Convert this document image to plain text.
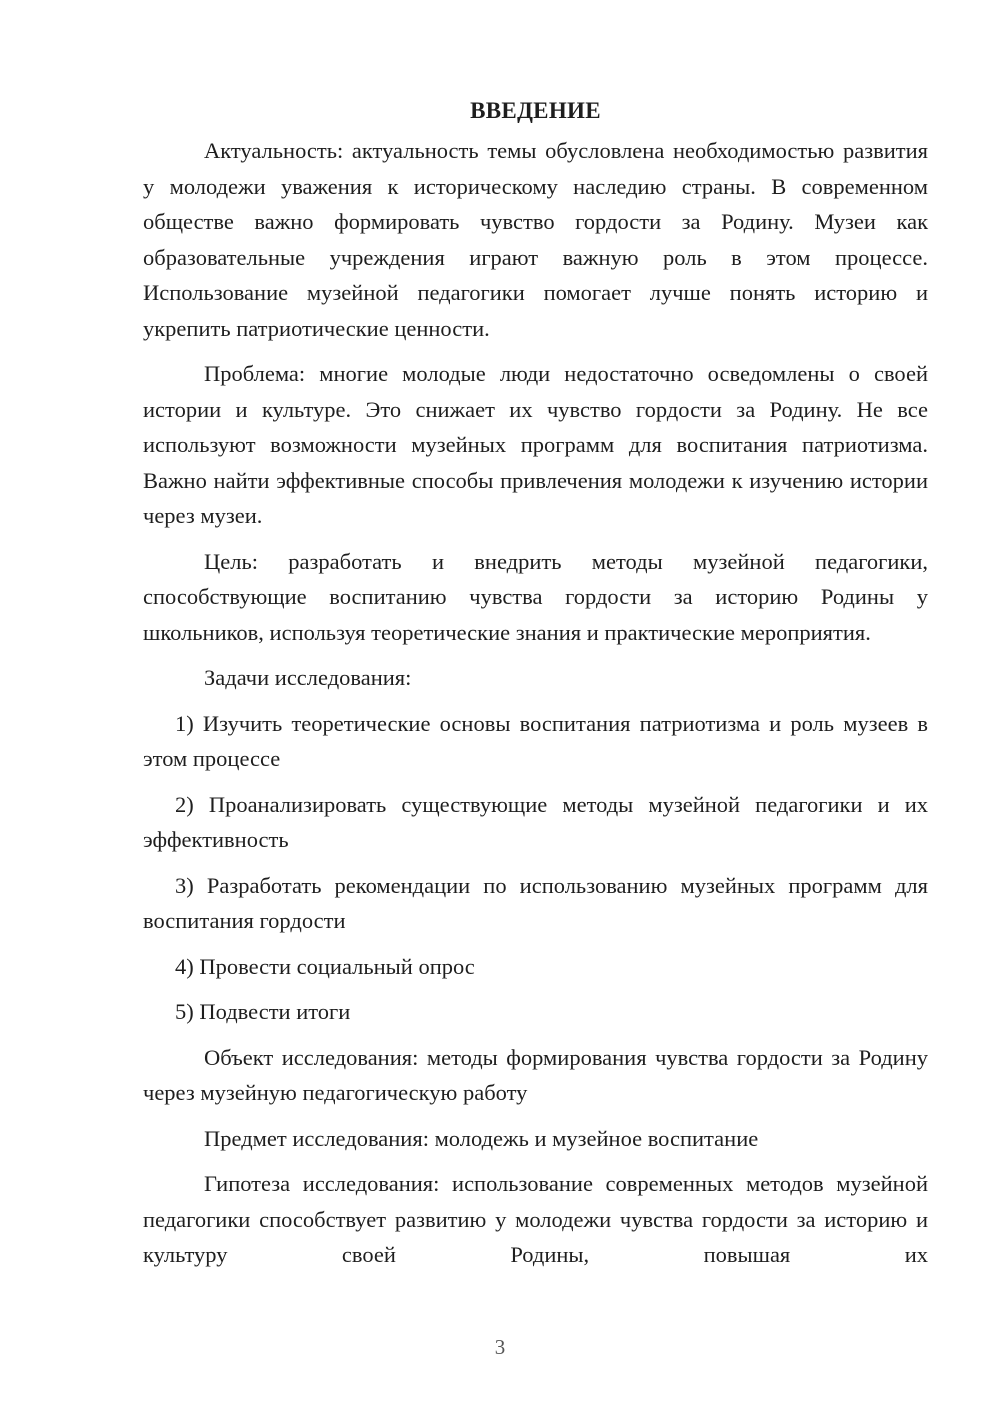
ВВЕДЕНИЕ

Актуальность: актуальность темы обусловлена необходимостью развития у молодежи уважения к историческому наследию страны. В современном обществе важно формировать чувство гордости за Родину. Музеи как образовательные учреждения играют важную роль в этом процессе. Использование музейной педагогики помогает лучше понять историю и укрепить патриотические ценности.

Проблема: многие молодые люди недостаточно осведомлены о своей истории и культуре. Это снижает их чувство гордости за Родину. Не все используют возможности музейных программ для воспитания патриотизма. Важно найти эффективные способы привлечения молодежи к изучению истории через музеи.

Цель: разработать и внедрить методы музейной педагогики, способствующие воспитанию чувства гордости за историю Родины у школьников, используя теоретические знания и практические мероприятия.

Задачи исследования:

1) Изучить теоретические основы воспитания патриотизма и роль музеев в этом процессе

2) Проанализировать существующие методы музейной педагогики и их эффективность

3) Разработать рекомендации по использованию музейных программ для воспитания гордости

4) Провести социальный опрос

5) Подвести итоги

Объект исследования: методы формирования чувства гордости за Родину через музейную педагогическую работу

Предмет исследования: молодежь и музейное воспитание

Гипотеза исследования: использование современных методов музейной педагогики способствует развитию у молодежи чувства гордости за историю и культуру своей Родины, повышая их

3
